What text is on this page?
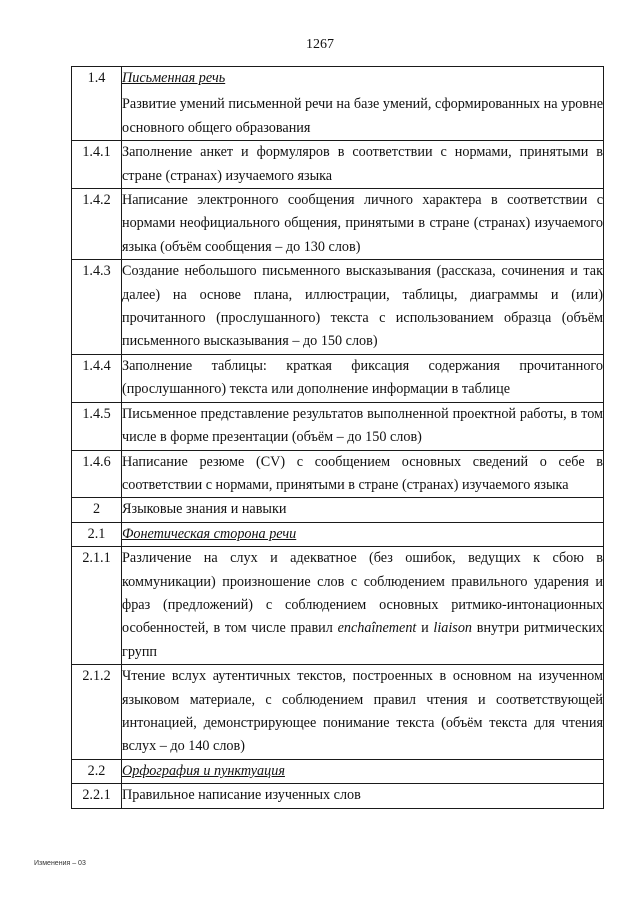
1267
1.4	Письменная речь
Развитие умений письменной речи на базе умений, сформированных на уровне основного общего образования

1.4.1	Заполнение анкет и формуляров в соответствии с нормами, принятыми в стране (странах) изучаемого языка
1.4.2	Написание электронного сообщения личного характера в соответствии с нормами неофициального общения, принятыми в стране (странах) изучаемого языка (объём сообщения – до 130 слов)
1.4.3	Создание небольшого письменного высказывания (рассказа, сочинения и так далее) на основе плана, иллюстрации, таблицы, диаграммы и (или) прочитанного (прослушанного) текста с использованием образца (объём письменного высказывания – до 150 слов)
1.4.4	Заполнение таблицы: краткая фиксация содержания прочитанного (прослушанного) текста или дополнение информации в таблице
1.4.5	Письменное представление результатов выполненной проектной работы, в том числе в форме презентации (объём – до 150 слов)
1.4.6	Написание резюме (CV) с сообщением основных сведений о себе в соответствии с нормами, принятыми в стране (странах) изучаемого языка
2	Языковые знания и навыки
2.1	Фонетическая сторона речи
2.1.1	Различение на слух и адекватное (без ошибок, ведущих к сбою в коммуникации) произношение слов с соблюдением правильного ударения и фраз (предложений) с соблюдением основных ритмико-интонационных особенностей, в том числе правил enchaînement и liaison внутри ритмических групп
2.1.2	Чтение вслух аутентичных текстов, построенных в основном на изученном языковом материале, с соблюдением правил чтения и соответствующей интонацией, демонстрирующее понимание текста (объём текста для чтения вслух – до 140 слов)
2.2	Орфография и пунктуация
2.2.1	Правильное написание изученных слов
Изменения – 03
